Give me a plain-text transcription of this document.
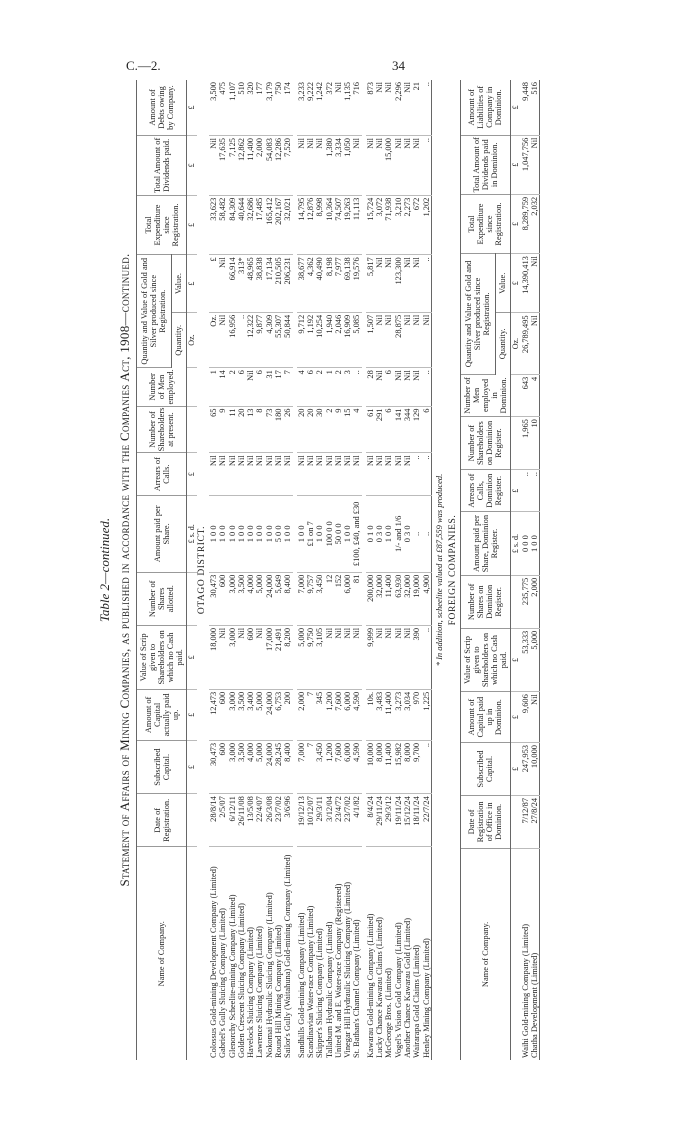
C.—2.	34

Table 2—continued. Statement of Affairs of Mining Companies, as published in accordance with the Companies Act, 1908—continued.

Name of Company.	Date of Registration.	Subscribed Capital.	Amount of Capital actually paid up.	Value of Scrip given to Shareholders on which no Cash paid.	Number of Shares allotted.	Amount paid per Share.	Arrears of Calls.	Number of Shareholders at present.	Number of Men employed.	Quantity and Value of Gold and Silver produced since Registration.		Total Expenditure since Registration.	Total Amount of Dividends paid.	Amount of Debts owing by Company.
										Quantity.	Value.			
		£	£	£		£ s. d.	£			Oz.	£	£	£	£
OTAGO DISTRICT.														
Colossus Gold-mining Development Company (Limited)	28/8/14	30,473	12,473	18,000	30,473	1 0 0	Nil	65	1	Oz.	£	33,623	Nil	3,500
Gabriel's Gully Sluicing Company (Limited)	2/5/07	600	600	Nil	600	1 0 0	Nil	9	14	Nil	Nil	58,482	17,635	475
Glenorchy Scheelite-mining Company (Limited)	6/12/11	3,000	3,000	3,000	3,000	1 0 0	Nil	11	2	16,956	66,914	84,309	7,125	1,107
Golden Crescent Sluicing Company (Limited)	26/11/08	3,500	3,500	Nil	3,500	1 0 0	Nil	20	6	..	313*	40,644	12,862	510
Havelock Sluicing Company (Limited)	13/5/08	4,000	3,400	600	4,000	1 0 0	Nil	13	Nil	12,322	48,965	32,686	11,400	320
Lawrence Sluicing Company (Limited)	22/4/07	5,000	5,000	Nil	5,000	1 0 0	Nil	8	6	9,877	38,838	17,485	2,000	177
Nokomai Hydraulic Sluicing Company (Limited)	26/3/08	24,000	24,000	17,000	24,000	1 0 0	Nil	73	31	4,309	17,134	165,412	54,083	3,179
Round Hill Mining Company (Limited)	23/7/02	28,245	6,753	21,491	5,649	5 0 0	Nil	180	17	55,307	210,505	202,167	12,286	750
Sailor's Gully (Waitahuna) Gold-mining Company (Limited)	3/6/96	8,400	200	8,200	8,400	1 0 0	Nil	26	7	50,844	206,231	32,021	7,520	174

Sandhills Gold-mining Company (Limited)	19/12/13	7,000	2,000	5,000	7,000	1 0 0	Nil	20	4	9,712	38,677	14,795	Nil	3,233
Scandinavian Water-race Company (Limited)	10/12/07	7	7	9,750	9,757	£1 on 7	Nil	20	6	1,192	4,362	12,876	Nil	9,222
Skipper's Sluicing Company (Limited)	29/3/11	3,450	345	3,105	3,450	1 0 0	Nil	30	2	10,254	40,490	8,998	Nil	1,242
Tallaburn Hydraulic Company (Limited)	3/12/04	1,200	1,200	Nil	12	100 0 0	Nil	2	1	1,940	8,198	10,364	1,380	372
United M. and E. Water-race Company (Registered)	23/4/72	7,600	7,600	Nil	152	50 0 0	Nil	9	2	2,046	7,977	74,507	3,334	Nil
Vinegar Hill Hydraulic Sluicing Company (Limited)	23/7/02	6,000	6,000	Nil	6,000	1 0 0	Nil	15	3	16,909	69,138	19,263	1,050	1,135
St. Bathan's Channel Company (Limited)	4/1/82	4,590	4,590	Nil	81	£100, £40, and £30	Nil	4	..	5,085	19,576	11,113	Nil	716

Kawarau Gold-mining Company (Limited)	8/4/24	10,000	10s.	9,999	200,000	0 1 0	Nil	61	28	1,507	5,817	15,724	Nil	873
Lucky Chance Kawarau Claims (Limited)	29/11/24	8,000	3,483	Nil	32,000	0 3 0	Nil	291	Nil	Nil	Nil	3,072	Nil	Nil
McGeorge Bros. (Limited)	29/3/12	11,400	11,400	Nil	11,400	1 0 0	Nil	6	6	Nil	Nil	71,938	15,000	Nil
Vogel's Vision Gold Company (Limited)	19/11/24	15,982	3,273	Nil	63,930	1/- and 1/6	Nil	141	Nil	28,875	123,300	3,210	Nil	2,296
Another Chance Kawarau Gold (Limited)	15/12/24	8,000	3,034	Nil	32,000	0 3 0	Nil	344	Nil	Nil	Nil	2,273	Nil	Nil
Wairarapa Gold Claims (Limited)	18/11/24	9,700	970	390	19,000	..	..	129	Nil	Nil	Nil	672	Nil	21
Henley Mining Company (Limited)	22/7/24	..	1,225	..	4,900	..	..	6	..	Nil	..	1,202	..	..
* In addition, scheelite valued at £87,559 was produced. FOREIGN COMPANIES.
Name of Company.	Date of Registration of Office in Dominion.	Subscribed Capital.	Amount of Capital paid up in Dominion.	Value of Scrip given to Shareholders on which no Cash paid.	Number of Shares on Dominion Register.	Amount paid per Share, Dominion Register.	Arrears of Calls, Dominion Register.	Number of Shareholders on Dominion Register.	Number of Men employed in Dominion.	Quantity and Value of Gold and Silver produced since Registration.		Total Expenditure since Registration.	Total Amount of Dividends paid in Dominion.	Amount of Liabilities of Company in Dominion.
										Quantity.	Value.			
		£	£	£		£ s. d.	£			Oz.	£	£	£	£
Waihi Gold-mining Company (Limited)	7/12/87	247,953	9,606	53,333	235,775	0 0 0	..	1,965	643	26,789,495	14,390,413	8,289,759	1,047,756	9,448
Chatha Development (Limited)	27/8/24	10,000	Nil	5,000	2,000	1 0 0	..	10	4	Nil	Nil	2,032	Nil	516
